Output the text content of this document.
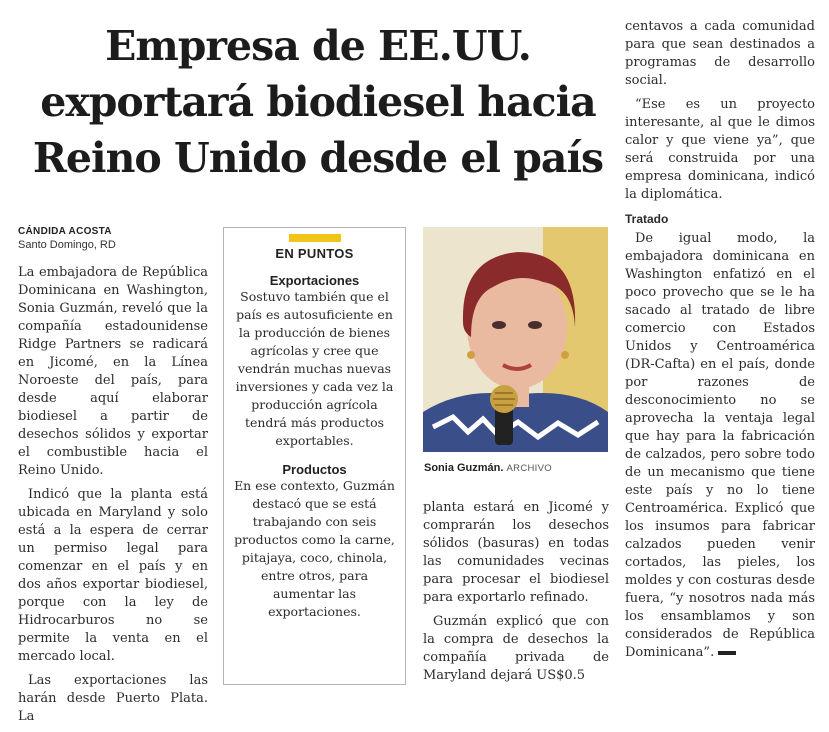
Empresa de EE.UU.
exportará biodiesel hacia
Reino Unido desde el país
CÁNDIDA ACOSTA
Santo Domingo, RD

La embajadora de República Dominicana en Washington, Sonia Guzmán, reveló que la compañía estadounidense Ridge Partners se radicará en Jicomé, en la Línea Noroeste del país, para desde aquí elaborar biodiesel a partir de desechos sólidos y exportar el combustible hacia el Reino Unido.

Indicó que la planta está ubicada en Maryland y solo está a la espera de cerrar un permiso legal para comenzar en el país y en dos años exportar biodiesel, porque con la ley de Hidrocarburos no se permite la venta en el mercado local.

Las exportaciones las harán desde Puerto Plata. La

EN PUNTOS
Exportaciones
Sostuvo también que el país es autosuficiente en la producción de bienes agrícolas y cree que vendrán muchas nuevas inversiones y cada vez la producción agrícola tendrá más productos exportables.
Productos
En ese contexto, Guzmán destacó que se está trabajando con seis productos como la carne, pitajaya, coco, chinola, entre otros, para aumentar las exportaciones.
Sonia Guzmán. ARCHIVO

planta estará en Jicomé y comprarán los desechos sólidos (basuras) en todas las comunidades vecinas para procesar el biodiesel para exportarlo refinado.

Guzmán explicó que con la compra de desechos la compañía privada de Maryland dejará US$0.5

centavos a cada comunidad para que sean destinados a programas de desarrollo social.

“Ese es un proyecto interesante, al que le dimos calor y que viene ya”, que será construida por una empresa dominicana, indicó la diplomática.

Tratado

De igual modo, la embajadora dominicana en Washington enfatizó en el poco provecho que se le ha sacado al tratado de libre comercio con Estados Unidos y Centroamérica (DR-Cafta) en el país, donde por razones de desconocimiento no se aprovecha la ventaja legal que hay para la fabricación de calzados, pero sobre todo de un mecanismo que tiene este país y no lo tiene Centroamérica. Explicó que los insumos para fabricar calzados pueden venir cortados, las pieles, los moldes y con costuras desde fuera, “y nosotros nada más los ensamblamos y son considerados de República Dominicana”.
